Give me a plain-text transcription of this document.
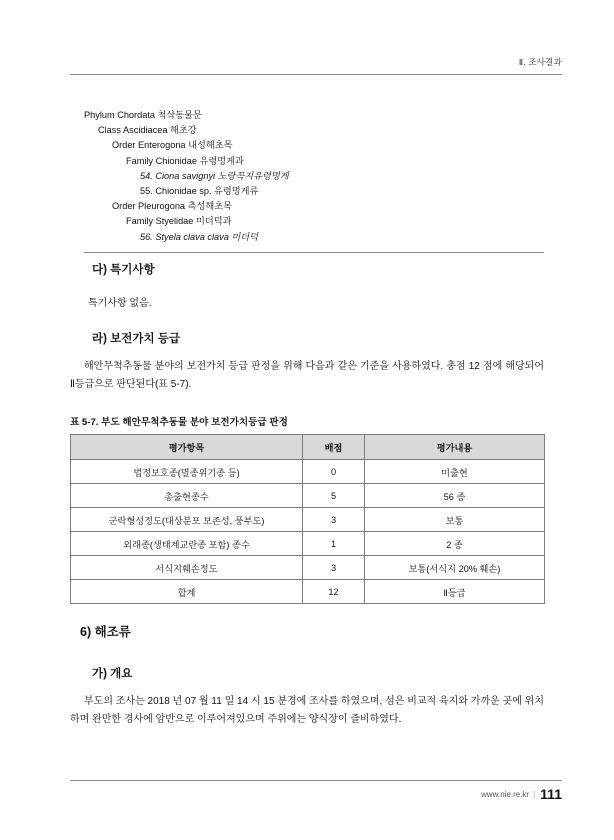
Ⅱ. 조사결과
Phylum Chordata 척삭동물문
Class Ascidiacea 해초강
Order Enterogona 내성해초목
Family Chionidae 유령멍게과
54. Ciona savignyi 노랑꼭지유령멍게
55. Chionidae sp. 유령멍게류
Order Pleurogona 측성해초목
Family Styelidae 미더덕과
56. Styela clava clava 미더덕
다) 특기사항
특기사항 없음.
라) 보전가치 등급
해안무척추동물 분야의 보전가치 등급 판정을 위해 다음과 같은 기준을 사용하였다. 총점 12 점에 해당되어 Ⅱ등급으로 판단된다(표 5-7).
표 5-7. 부도 해안무척추동물 분야 보전가치등급 판정
평가항목	배점	평가내용
법정보호종(멸종위기종 등)	0	미출현
총출현종수	5	56 종
군락형성정도(대상분포 보존성, 풍부도)	3	보통
외래종(생태계교란종 포함) 종수	1	2 종
서식지훼손정도	3	보통(서식지 20% 훼손)
합계	12	Ⅱ등급
6) 해조류
가) 개요
부도의 조사는 2018 년 07 월 11 일 14 시 15 분경에 조사를 하였으며, 섬은 비교적 육지와 가까운 곳에 위치하며 완만한 경사에 암반으로 이루어져있으며 주위에는 양식장이 즐비하였다.
www.nie.re.kr | 111
